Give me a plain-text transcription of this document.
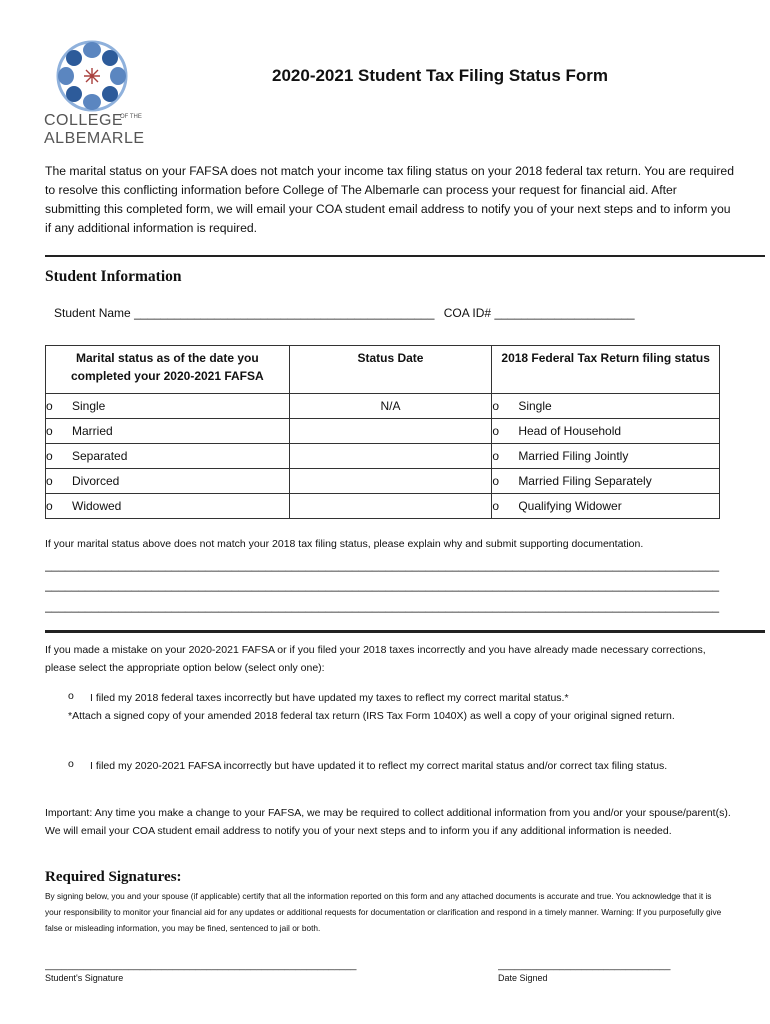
COLLEGE
OF THE
ALBEMARLE
2020-2021 Student Tax Filing Status Form
The marital status on your FAFSA does not match your income tax filing status on your 2018 federal tax return. You are required to resolve this conflicting information before College of The Albemarle can process your request for financial aid. After submitting this completed form, we will email your COA student email address to notify you of your next steps and to inform you if any additional information is required.
Student Information
Student Name _____________________________________________ COA ID# _____________________
Marital status as of the date you completed your 2020-2021 FAFSA	Status Date	2018 Federal Tax Return filing status
o Single	N/A	o Single
o Married		o Head of Household
o Separated		o Married Filing Jointly
o Divorced		o Married Filing Separately
o Widowed		o Qualifying Widower
If your marital status above does not match your 2018 tax filing status, please explain why and submit supporting documentation.
_____________________________________________________________________________________________________
_____________________________________________________________________________________________________
_____________________________________________________________________________________________________
If you made a mistake on your 2020-2021 FAFSA or if you filed your 2018 taxes incorrectly and you have already made necessary corrections, please select the appropriate option below (select only one):
o	I filed my 2018 federal taxes incorrectly but have updated my taxes to reflect my correct marital status.*
*Attach a signed copy of your amended 2018 federal tax return (IRS Tax Form 1040X) as well a copy of your original signed return.
o	I filed my 2020-2021 FAFSA incorrectly but have updated it to reflect my correct marital status and/or correct tax filing status.
Important: Any time you make a change to your FAFSA, we may be required to collect additional information from you and/or your spouse/parent(s). We will email your COA student email address to notify you of your next steps and to inform you if any additional information is needed.
Required Signatures:
By signing below, you and your spouse (if applicable) certify that all the information reported on this form and any attached documents is accurate and true. You acknowledge that it is your responsibility to monitor your financial aid for any updates or additional requests for documentation or clarification and respond in a timely manner. Warning: If you purposefully give false or misleading information, you may be fined, sentenced to jail or both.
________________________________________________________
Student's Signature
_______________________________
Date Signed
